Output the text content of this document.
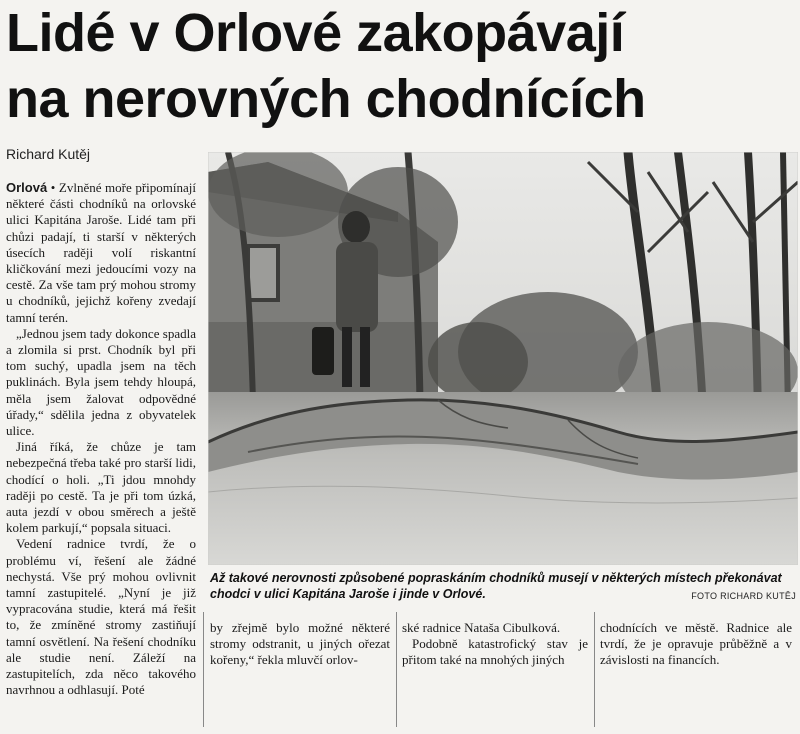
Lidé v Orlové zakopávají
na nerovných chodnících
Richard Kutěj

Orlová • Zvlněné moře připomínají některé části chodníků na orlovské ulici Kapitána Jaroše. Lidé tam při chůzi padají, ti starší v některých úsecích raději volí riskantní kličkování mezi jedoucími vozy na cestě. Za vše tam prý mohou stromy u chodníků, jejichž kořeny zvedají tamní terén.

„Jednou jsem tady dokonce spadla a zlomila si prst. Chodník byl při tom suchý, upadla jsem na těch puklinách. Byla jsem tehdy hloupá, měla jsem žalovat odpovědné úřady,“ sdělila jedna z obyvatelek ulice.

Jiná říká, že chůze je tam nebezpečná třeba také pro starší lidi, chodící o holi. „Ti jdou mnohdy raději po cestě. Ta je při tom úzká, auta jezdí v obou směrech a ještě kolem parkují,“ popsala situaci.

Vedení radnice tvrdí, že o problému ví, řešení ale žádné nechystá. Vše prý mohou ovlivnit tamní zastupitelé. „Nyní je již vypracována studie, která má řešit to, že zmíněné stromy zastiňují tamní osvětlení. Na řešení chodníku ale studie není. Záleží na zastupitelích, zda něco takového navrhnou a odhlasují. Poté

Až takové nerovnosti způsobené popraskáním chodníků musejí v některých místech překonávat chodci v ulici Kapitána Jaroše i jinde v Orlové.	FOTO RICHARD KUTĚJ

by zřejmě bylo možné některé stromy odstranit, u jiných ořezat kořeny,“ řekla mluvčí orlov-

ské radnice Nataša Cibulková.

Podobně katastrofický stav je přitom také na mnohých jiných

chodnících ve městě. Radnice ale tvrdí, že je opravuje průběžně a v závislosti na financích.
